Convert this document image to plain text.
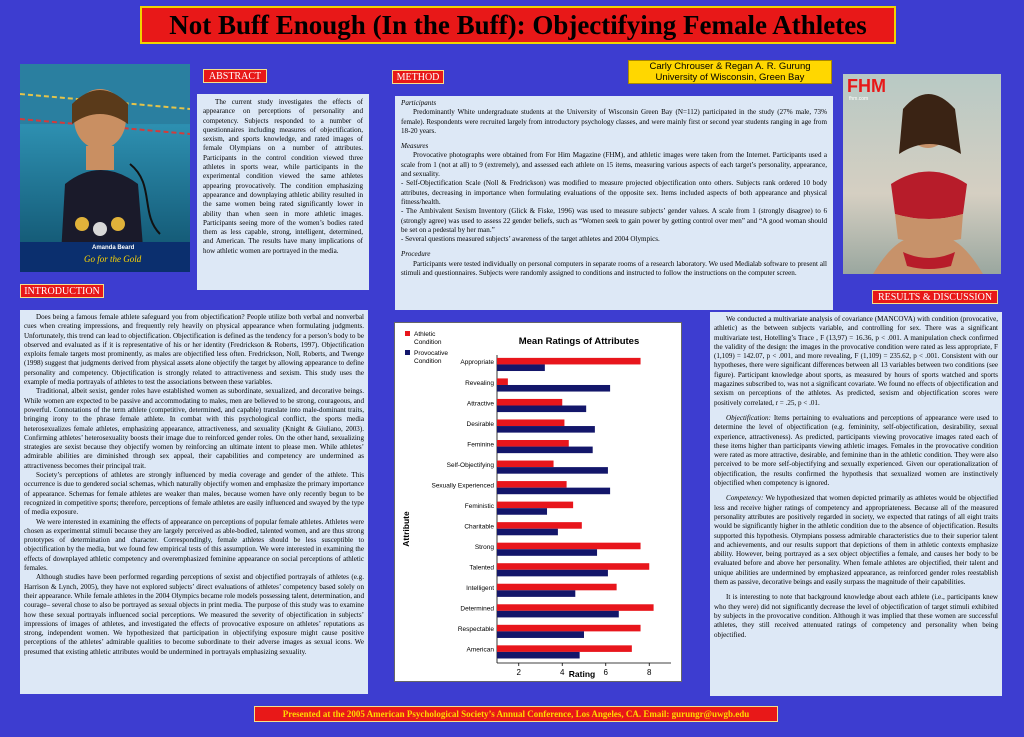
Not Buff Enough (In the Buff): Objectifying Female Athletes
Carly Chrouser & Regan A. R. Gurung
University of Wisconsin, Green Bay
Amanda Beard
Go for the Gold
FHM
fhm.com
ABSTRACT	METHOD
INTRODUCTION
RESULTS & DISCUSSION

The current study investigates the effects of appearance on perceptions of personality and competency. Subjects responded to a number of questionnaires including measures of objectification, sexism, and sports knowledge, and rated images of female Olympians on a number of attributes. Participants in the control condition viewed three athletes in sports wear, while participants in the experimental condition viewed the same athletes appearing provocatively. The condition emphasizing appearance and downplaying athletic ability resulted in the same women being rated significantly lower in ability than when seen in more athletic images. Participants seeing more of the women’s bodies rated them as less capable, strong, intelligent, determined, and American. The results have many implications of how athletic women are portrayed in the media.

Participants

Predominantly White undergraduate students at the University of Wisconsin Green Bay (N=112) participated in the study (27% male, 73% female). Respondents were recruited largely from introductory psychology classes, and were mainly first or second year students ranging in age from 18-20 years.

Measures

Provocative photographs were obtained from For Him Magazine (FHM), and athletic images were taken from the Internet. Participants used a scale from 1 (not at all) to 9 (extremely), and assessed each athlete on 15 items, measuring various aspects of each target’s personality, appearance, and sexuality.

- Self-Objectification Scale (Noll & Fredrickson) was modified to measure projected objectification onto others. Subjects rank ordered 10 body attributes, decreasing in importance when formulating evaluations of the opposite sex. Items included aspects of both appearance and physical fitness/health.
- The Ambivalent Sexism Inventory (Glick & Fiske, 1996) was used to measure subjects’ gender values. A scale from 1 (strongly disagree) to 6 (strongly agree) was used to assess 22 gender beliefs, such as “Women seek to gain power by getting control over men” and “A good woman should be set on a pedestal by her man.”
- Several questions measured subjects’ awareness of the target athletes and 2004 Olympics.
Procedure

Participants were tested individually on personal computers in separate rooms of a research laboratory. We used Medialab software to present all stimuli and questionnaires. Subjects were randomly assigned to conditions and instructed to follow the instructions on the computer screen.

Does being a famous female athlete safeguard you from objectification? People utilize both verbal and nonverbal cues when creating impressions, and frequently rely heavily on physical appearance when formulating judgments. Unfortunately, this trend can lead to objectification. Objectification is defined as the tendency for a person’s body to be observed and evaluated as if it is representative of his or her identity (Fredrickson & Roberts, 1997). Objectification exploits female targets most prominently, as males are objectified less often. Fredrickson, Noll, Roberts, and Twenge (1998) suggest that judgments derived from physical assets alone objectify the target by allowing appearance to define personality and competency. Objectification is strongly related to attractiveness and sexism. This study uses the example of media portrayals of athletes to test the associations between these variables.

Traditional, albeit sexist, gender roles have established women as subordinate, sexualized, and decorative beings. While women are expected to be passive and accommodating to males, men are believed to be strong, courageous, and powerful. Connotations of the term athlete (competitive, determined, and capable) translate into male-dominant traits, bringing irony to the phrase female athlete. In combat with this psychological conflict, the sports media heterosexualizes female athletes, emphasizing appearance, attractiveness, and sexuality (Knight & Giuliano, 2003). Confirming athletes’ heterosexuality boosts their image due to reinforced gender roles. On the other hand, sexualizing strategies are sexist because they objectify women by reinforcing an ultimate intent to please men. While athletes’ admirable abilities are diminished through sex appeal, their capabilities and competency are undermined as attractiveness becomes their principal trait.

Society’s perceptions of athletes are strongly influenced by media coverage and gender of the athlete. This occurrence is due to gendered social schemas, which naturally objectify women and emphasize the primary importance of appearance. Schemas for female athletes are weaker than males, because women have only recently begun to be recognized in competitive sports; therefore, perceptions of female athletes are easily influenced and swayed by the type of media exposure.

We were interested in examining the effects of appearance on perceptions of popular female athletes. Athletes were chosen as experimental stimuli because they are largely perceived as able-bodied, talented women, and are thus strong prototypes of determination and character. Correspondingly, female athletes should be less susceptible to objectification by the media, but we found few empirical tests of this assumption. We were interested in examining the effects of downplayed athletic competency and overemphasized feminine appearance on social perceptions of athletic females.

Although studies have been performed regarding perceptions of sexist and objectified portrayals of athletes (e.g. Harrison & Lynch, 2005), they have not explored subjects’ direct evaluations of athletes’ competency based solely on their appearance. While female athletes in the 2004 Olympics became role models possessing talent, determination, and courage– several chose to also be portrayed as sexual objects in print media. The purpose of this study was to examine how these sexual portrayals influenced social perceptions. We measured the severity of objectification in subjects’ impressions of images of athletes, and investigated the effects of provocative exposure on athletes’ reputations as strong, independent women. We hypothesized that participation in objectifying exposure might cause positive perceptions of the athletes’ admirable qualities to become subordinate to their adverse images as sexual icons. We presumed that existing athletic attributes would be undermined in portrayals emphasizing sexuality.

We conducted a multivariate analysis of covariance (MANCOVA) with condition (provocative, athletic) as the between subjects variable, and controlling for sex. There was a significant multivariate test, Hotelling’s Trace , F (13,97) = 16.36, p < .001. A manipulation check confirmed the validity of the design: the images in the provocative condition were rated as less appropriate, F (1,109) = 142.07, p < .001, and more revealing, F (1,109) = 235.62, p < .001. Consistent with our hypotheses, there were significant differences between all 13 variables between two conditions (see figure). Participant knowledge about sports, as measured by hours of sports watched and sports magazines subscribed to, was not a significant covariate. We found no effects of objectification and sexism on perceptions of the athletes. As predicted, sexism and objectification scores were positively correlated, r = .25, p < .01.

Objectification: Items pertaining to evaluations and perceptions of appearance were used to determine the level of objectification (e.g. femininity, self-objectification, desirability, sexual experience, attractiveness). As predicted, participants viewing provocative images rated each of these items higher than participants viewing athletic images. Females in the provocative condition were rated as more attractive, desirable, and feminine than in the athletic condition. They were also perceived to be more self-objectifying and sexually experienced. Given our operationalization of objectification, the results confirmed the hypothesis that sexualized women are instinctively objectified when competency is ignored.

Competency: We hypothesized that women depicted primarily as athletes would be objectified less and receive higher ratings of competency and appropriateness. Because all of the measured personality attributes are positively regarded in society, we expected that ratings of all eight traits would be significantly higher in the athletic condition due to the absence of objectification. Results supported this hypothesis. Olympians possess admirable characteristics due to their superior talent and achievements, and our results support that depictions of them in athletic contexts emphasize ability. However, being portrayed as a sex object objectifies a female, and causes her body to be evaluated before and above her personality. When female athletes are objectified, their talent and unique abilities are undermined by emphasized appearance, as reinforced gender roles reestablish them as passive, decorative beings and easily surpass the magnitude of their capabilities.

It is interesting to note that background knowledge about each athlete (i.e., participants knew who they were) did not significantly decrease the level of objectification of target stimuli exhibited by subjects in the provocative condition. Although it was implied that these women are successful athletes, they still received attenuated ratings of competency and personality when being objectified.

Mean Ratings of Attributes
Athletic
Condition
Provocative
Condition	Appropriate
Revealing
Attractive
Desirable
Feminine
Self-Objectifying
Sexually Experienced
Feministic
Charitable
Strong
Talented
Intelligent
Determined
Respectable
American
2	4	6	8
Rating
Attribute
Presented at the 2005 American Psychological Society’s Annual Conference, Los Angeles, CA. Email: gurungr@uwgb.edu
